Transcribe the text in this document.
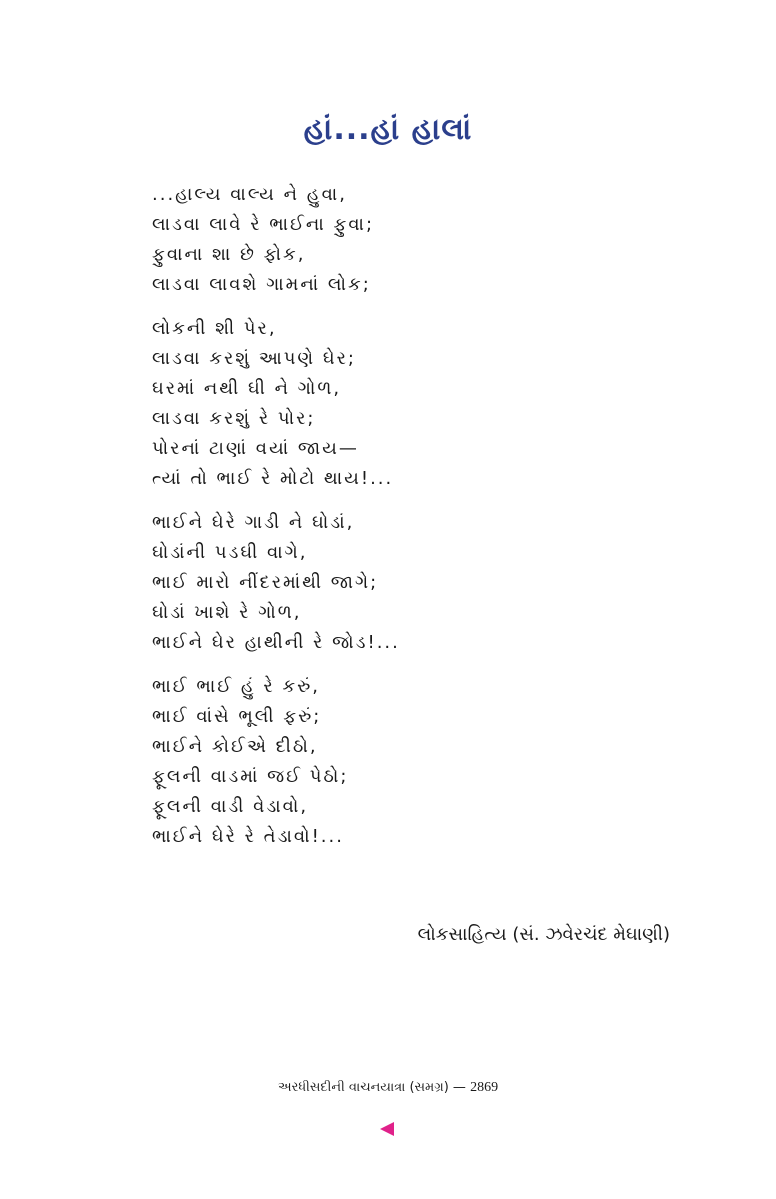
હાં...હાં હાલાં
...હાલ્ય વાલ્ય ને હુવા,
લાડવા લાવે રે ભાઈના ફુવા;
ફુવાના શા છે ફોક,
લાડવા લાવશે ગામનાં લોક;
લોકની શી પેર,
લાડવા કરશું આપણે ઘેર;
ઘરમાં નથી ઘી ને ગોળ,
લાડવા કરશું રે પોર;
પોરનાં ટાણાં વયાં જાય—
ત્યાં તો ભાઈ રે મોટો થાય!...
ભાઈને ઘેરે ગાડી ને ઘોડાં,
ઘોડાંની પડઘી વાગે,
ભાઈ મારો નીંદરમાંથી જાગે;
ઘોડાં ખાશે રે ગોળ,
ભાઈને ઘેર હાથીની રે જોડ!...
ભાઈ ભાઈ હું રે કરું,
ભાઈ વાંસે ભૂલી ફરું;
ભાઈને કોઈએ દીઠો,
ફૂલની વાડમાં જઈ પેઠો;
ફૂલની વાડી વેડાવો,
ભાઈને ઘેરે રે તેડાવો!...
લોકસાહિત્ય (સં. ઝવેરચંદ મેઘાણી)
અરધીસદીની વાચનયાત્રા (સમગ્ર) — 2869
